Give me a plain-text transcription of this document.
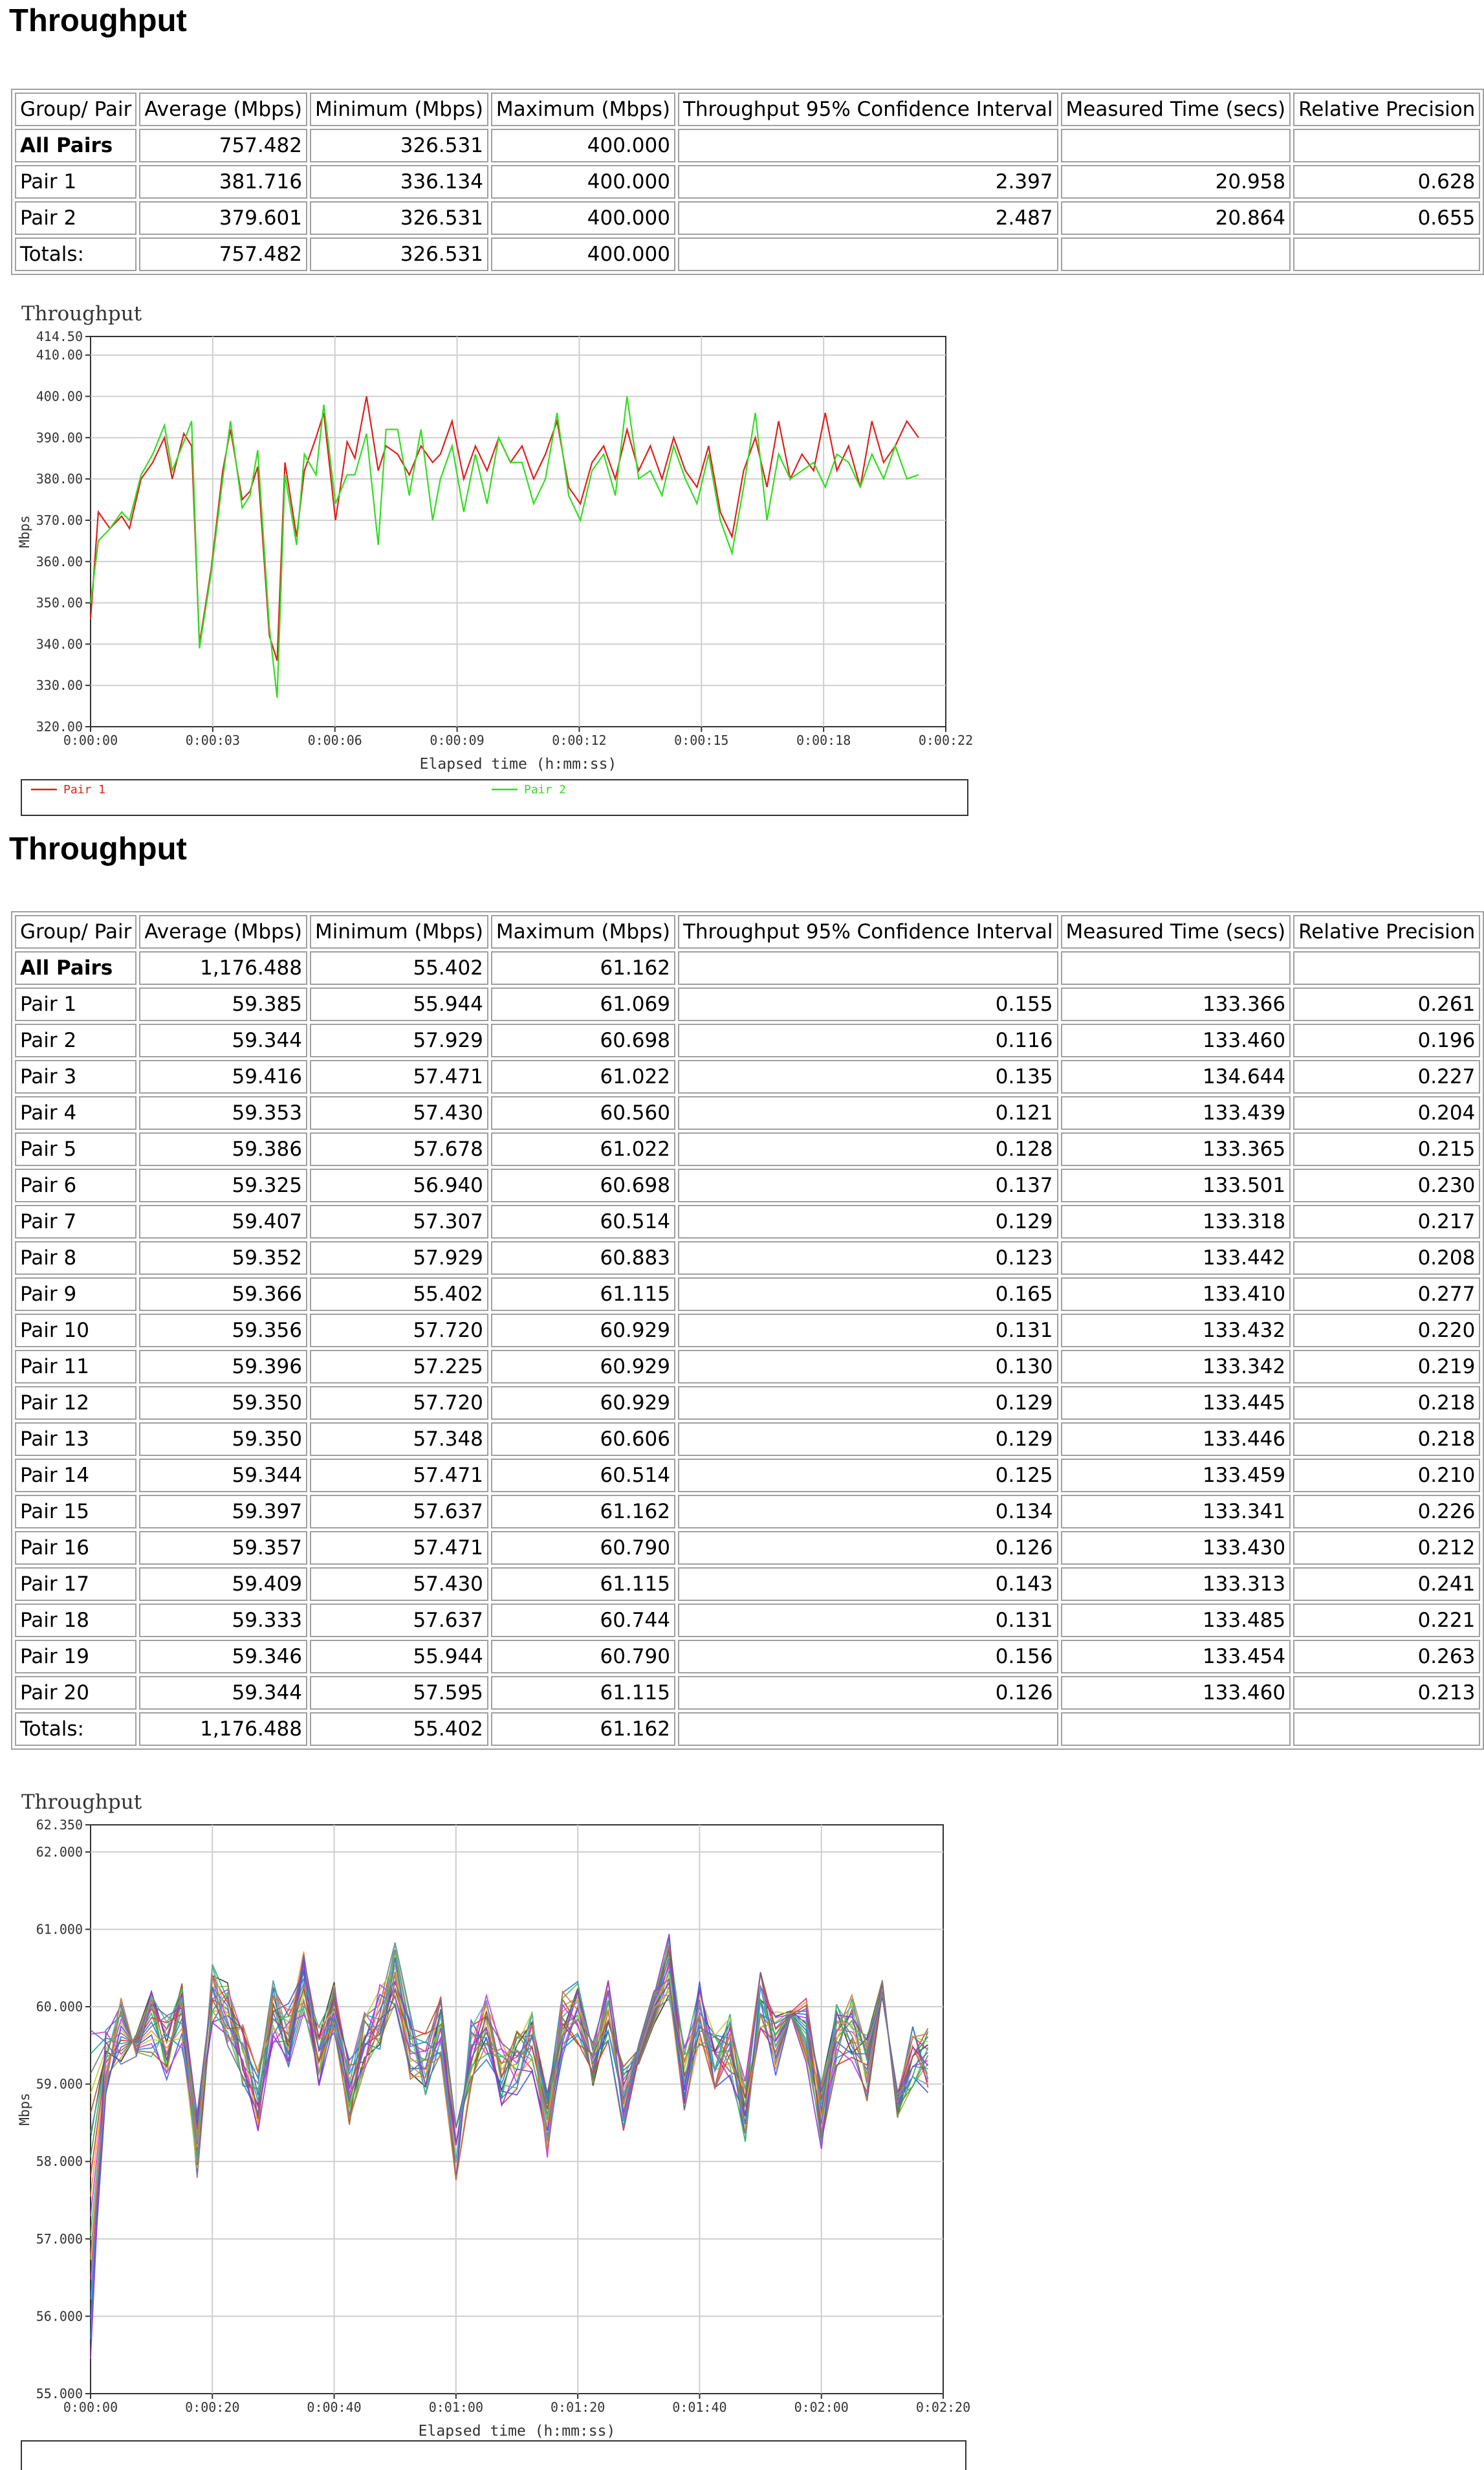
Throughput
Group/ Pair	Average (Mbps)	Minimum (Mbps)	Maximum (Mbps)	Throughput 95% Confidence Interval	Measured Time (secs)	Relative Precision
All Pairs	757.482	326.531	400.000			
Pair 1	381.716	336.134	400.000	2.397	20.958	0.628
Pair 2	379.601	326.531	400.000	2.487	20.864	0.655
Totals:	757.482	326.531	400.000			
Throughput
414.50
410.00
400.00
390.00
380.00
370.00
360.00
350.00
340.00
330.00
320.00
0:00:00	0:00:03	0:00:06	0:00:09	0:00:12	0:00:15	0:00:18	0:00:22
Elapsed time (h:mm:ss)
Mbps
Pair 1	Pair 2
Throughput
Group/ Pair	Average (Mbps)	Minimum (Mbps)	Maximum (Mbps)	Throughput 95% Confidence Interval	Measured Time (secs)	Relative Precision
All Pairs	1,176.488	55.402	61.162			
Pair 1	59.385	55.944	61.069	0.155	133.366	0.261
Pair 2	59.344	57.929	60.698	0.116	133.460	0.196
Pair 3	59.416	57.471	61.022	0.135	134.644	0.227
Pair 4	59.353	57.430	60.560	0.121	133.439	0.204
Pair 5	59.386	57.678	61.022	0.128	133.365	0.215
Pair 6	59.325	56.940	60.698	0.137	133.501	0.230
Pair 7	59.407	57.307	60.514	0.129	133.318	0.217
Pair 8	59.352	57.929	60.883	0.123	133.442	0.208
Pair 9	59.366	55.402	61.115	0.165	133.410	0.277
Pair 10	59.356	57.720	60.929	0.131	133.432	0.220
Pair 11	59.396	57.225	60.929	0.130	133.342	0.219
Pair 12	59.350	57.720	60.929	0.129	133.445	0.218
Pair 13	59.350	57.348	60.606	0.129	133.446	0.218
Pair 14	59.344	57.471	60.514	0.125	133.459	0.210
Pair 15	59.397	57.637	61.162	0.134	133.341	0.226
Pair 16	59.357	57.471	60.790	0.126	133.430	0.212
Pair 17	59.409	57.430	61.115	0.143	133.313	0.241
Pair 18	59.333	57.637	60.744	0.131	133.485	0.221
Pair 19	59.346	55.944	60.790	0.156	133.454	0.263
Pair 20	59.344	57.595	61.115	0.126	133.460	0.213
Totals:	1,176.488	55.402	61.162			
Throughput
62.350
62.000
61.000
60.000
59.000
58.000
57.000
56.000
55.000
0:00:00	0:00:20	0:00:40	0:01:00	0:01:20	0:01:40	0:02:00	0:02:20
Elapsed time (h:mm:ss)
Mbps
